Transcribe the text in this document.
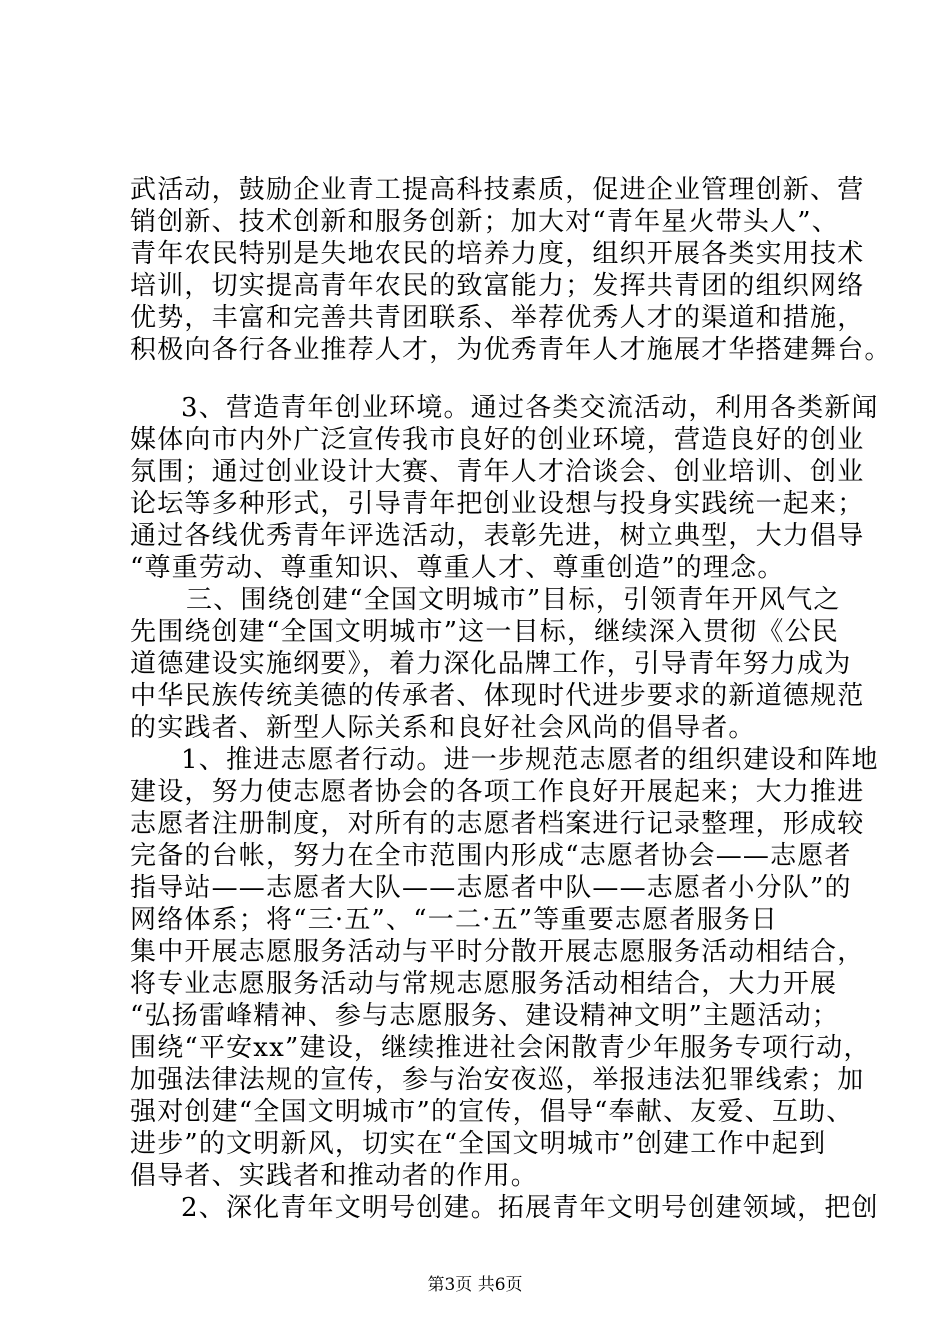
武活动，鼓励企业青工提高科技素质，促进企业管理创新、营
销创新、技术创新和服务创新；加大对“青年星火带头人”、
青年农民特别是失地农民的培养力度，组织开展各类实用技术
培训，切实提高青年农民的致富能力；发挥共青团的组织网络
优势，丰富和完善共青团联系、举荐优秀人才的渠道和措施，
积极向各行各业推荐人才，为优秀青年人才施展才华搭建舞台。
3、营造青年创业环境。通过各类交流活动，利用各类新闻
媒体向市内外广泛宣传我市良好的创业环境，营造良好的创业
氛围；通过创业设计大赛、青年人才洽谈会、创业培训、创业
论坛等多种形式，引导青年把创业设想与投身实践统一起来；
通过各线优秀青年评选活动，表彰先进，树立典型，大力倡导
“尊重劳动、尊重知识、尊重人才、尊重创造”的理念。
三、围绕创建“全国文明城市”目标，引领青年开风气之
先围绕创建“全国文明城市”这一目标，继续深入贯彻《公民
道德建设实施纲要》，着力深化品牌工作，引导青年努力成为
中华民族传统美德的传承者、体现时代进步要求的新道德规范
的实践者、新型人际关系和良好社会风尚的倡导者。
1、推进志愿者行动。进一步规范志愿者的组织建设和阵地
建设，努力使志愿者协会的各项工作良好开展起来；大力推进
志愿者注册制度，对所有的志愿者档案进行记录整理，形成较
完备的台帐，努力在全市范围内形成“志愿者协会——志愿者
指导站——志愿者大队——志愿者中队——志愿者小分队”的
网络体系；将“三·五”、“一二·五”等重要志愿者服务日
集中开展志愿服务活动与平时分散开展志愿服务活动相结合，
将专业志愿服务活动与常规志愿服务活动相结合，大力开展
“弘扬雷峰精神、参与志愿服务、建设精神文明”主题活动；
围绕“平安xx”建设，继续推进社会闲散青少年服务专项行动，
加强法律法规的宣传，参与治安夜巡，举报违法犯罪线索；加
强对创建“全国文明城市”的宣传，倡导“奉献、友爱、互助、
进步”的文明新风，切实在“全国文明城市”创建工作中起到
倡导者、实践者和推动者的作用。
2、深化青年文明号创建。拓展青年文明号创建领域，把创
第3页 共6页
